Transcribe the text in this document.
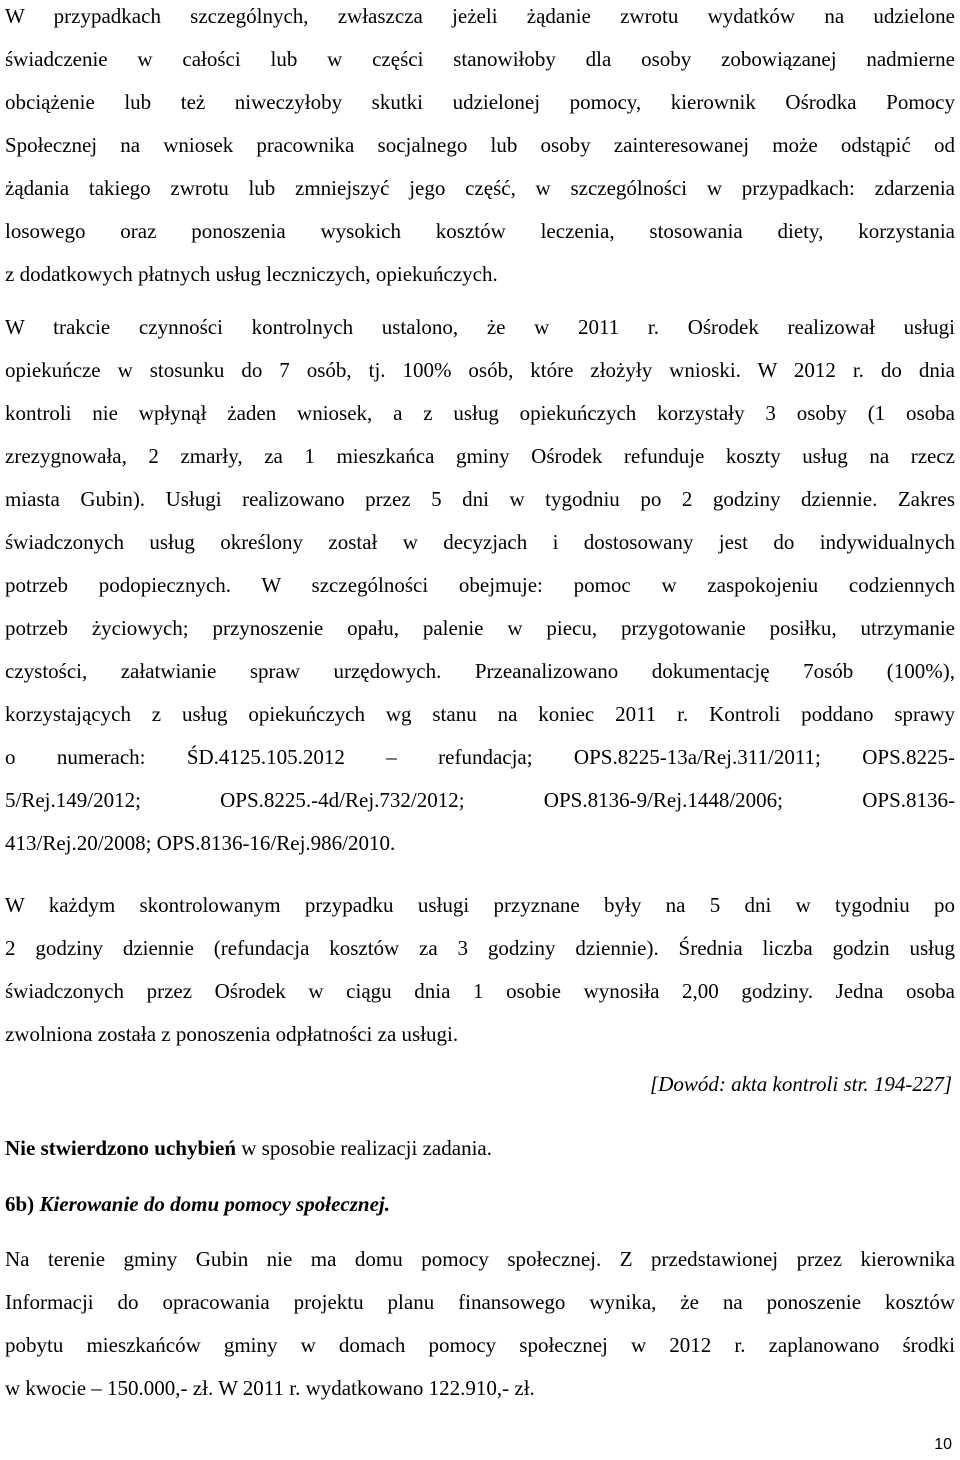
W przypadkach szczególnych, zwłaszcza jeżeli żądanie zwrotu wydatków na udzielone
świadczenie w całości lub w części stanowiłoby dla osoby zobowiązanej nadmierne
obciążenie lub też niweczyłoby skutki udzielonej pomocy, kierownik Ośrodka Pomocy
Społecznej na wniosek pracownika socjalnego lub osoby zainteresowanej może odstąpić od
żądania takiego zwrotu lub zmniejszyć jego część, w szczególności w przypadkach: zdarzenia
losowego oraz ponoszenia wysokich kosztów leczenia, stosowania diety, korzystania
z dodatkowych płatnych usług leczniczych, opiekuńczych.
W trakcie czynności kontrolnych ustalono, że w 2011 r. Ośrodek realizował usługi
opiekuńcze w stosunku do 7 osób, tj. 100% osób, które złożyły wnioski. W 2012 r. do dnia
kontroli nie wpłynął żaden wniosek, a z usług opiekuńczych korzystały 3 osoby (1 osoba
zrezygnowała, 2 zmarły, za 1 mieszkańca gminy Ośrodek refunduje koszty usług na rzecz
miasta Gubin). Usługi realizowano przez 5 dni w tygodniu po 2 godziny dziennie. Zakres
świadczonych usług określony został w decyzjach i dostosowany jest do indywidualnych
potrzeb podopiecznych. W szczególności obejmuje: pomoc w zaspokojeniu codziennych
potrzeb życiowych; przynoszenie opału, palenie w piecu, przygotowanie posiłku, utrzymanie
czystości, załatwianie spraw urzędowych. Przeanalizowano dokumentację 7osób (100%),
korzystających z usług opiekuńczych wg stanu na koniec 2011 r. Kontroli poddano sprawy
o numerach: ŚD.4125.105.2012 – refundacja; OPS.8225-13a/Rej.311/2011; OPS.8225-
5/Rej.149/2012; OPS.8225.-4d/Rej.732/2012; OPS.8136-9/Rej.1448/2006; OPS.8136-
413/Rej.20/2008; OPS.8136-16/Rej.986/2010.
W każdym skontrolowanym przypadku usługi przyznane były na 5 dni w tygodniu po
2 godziny dziennie (refundacja kosztów za 3 godziny dziennie). Średnia liczba godzin usług
świadczonych przez Ośrodek w ciągu dnia 1 osobie wynosiła 2,00 godziny. Jedna osoba
zwolniona została z ponoszenia odpłatności za usługi.
[Dowód: akta kontroli str. 194-227]
Nie stwierdzono uchybień w sposobie realizacji zadania.
6b) Kierowanie do domu pomocy społecznej.
Na terenie gminy Gubin nie ma domu pomocy społecznej. Z przedstawionej przez kierownika
Informacji do opracowania projektu planu finansowego wynika, że na ponoszenie kosztów
pobytu mieszkańców gminy w domach pomocy społecznej w 2012 r. zaplanowano środki
w kwocie – 150.000,- zł. W 2011 r. wydatkowano 122.910,- zł.
10
